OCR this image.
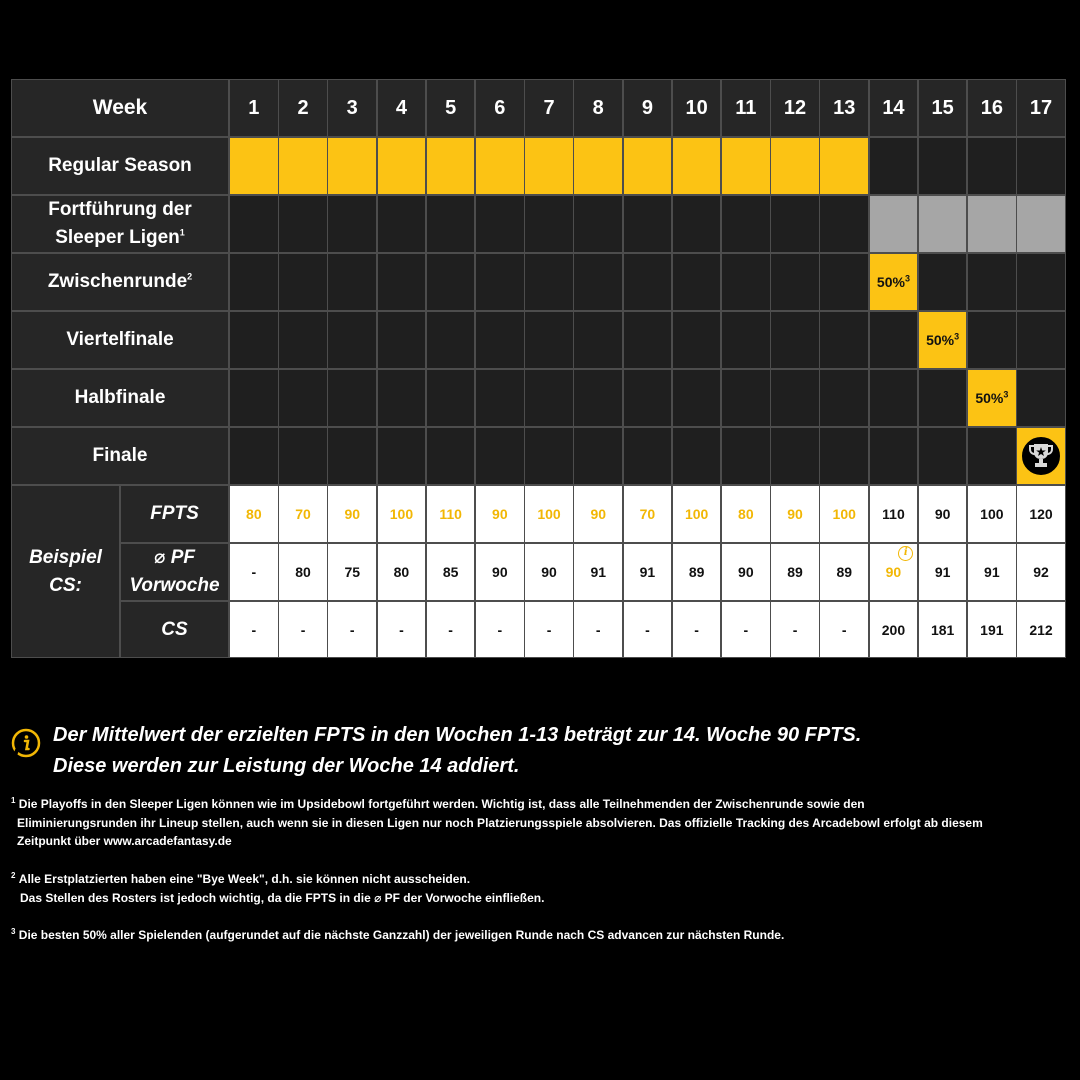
Week
Regular Season
Fortführung der
Sleeper Ligen$^1$
Zwischenrunde$^2$
Viertelfinale
Halbfinale
Finale
Beispiel CS:
FPTS
⌀ PF
Vorwoche
CS
1 2 3 4 5 6 7 8 9 10 11 12 13 14 15 16 17
50%$^3$
50%$^3$
50%$^3$
80
-
-
70
80
-
90
75
-
100
80
-
110
85
-
90
90
-
100
90
-
90
91
-
70
91
-
100
89
-
80
90
-
90
89
-
100
89
-
110
90
i
200
90
91
181
100
91
191
120
92
212
Der Mittelwert der erzielten FPTS in den Wochen 1-13 beträgt zur 14. Woche 90 FPTS.
Diese werden zur Leistung der Woche 14 addiert.
$^1$ Die Playoffs in den Sleeper Ligen können wie im Upsidebowl fortgeführt werden. Wichtig ist, dass alle Teilnehmenden der Zwischenrunde sowie den
Eliminierungsrunden ihr Lineup stellen, auch wenn sie in diesen Ligen nur noch Platzierungsspiele absolvieren. Das offizielle Tracking des Arcadebowl erfolgt ab diesem
Zeitpunkt über www.arcadefantasy.de
$^2$ Alle Erstplatzierten haben eine "Bye Week", d.h. sie können nicht ausscheiden.
Das Stellen des Rosters ist jedoch wichtig, da die FPTS in die ⌀ PF der Vorwoche einfließen.
$^3$ Die besten 50% aller Spielenden (aufgerundet auf die nächste Ganzzahl) der jeweiligen Runde nach CS advancen zur nächsten Runde.
